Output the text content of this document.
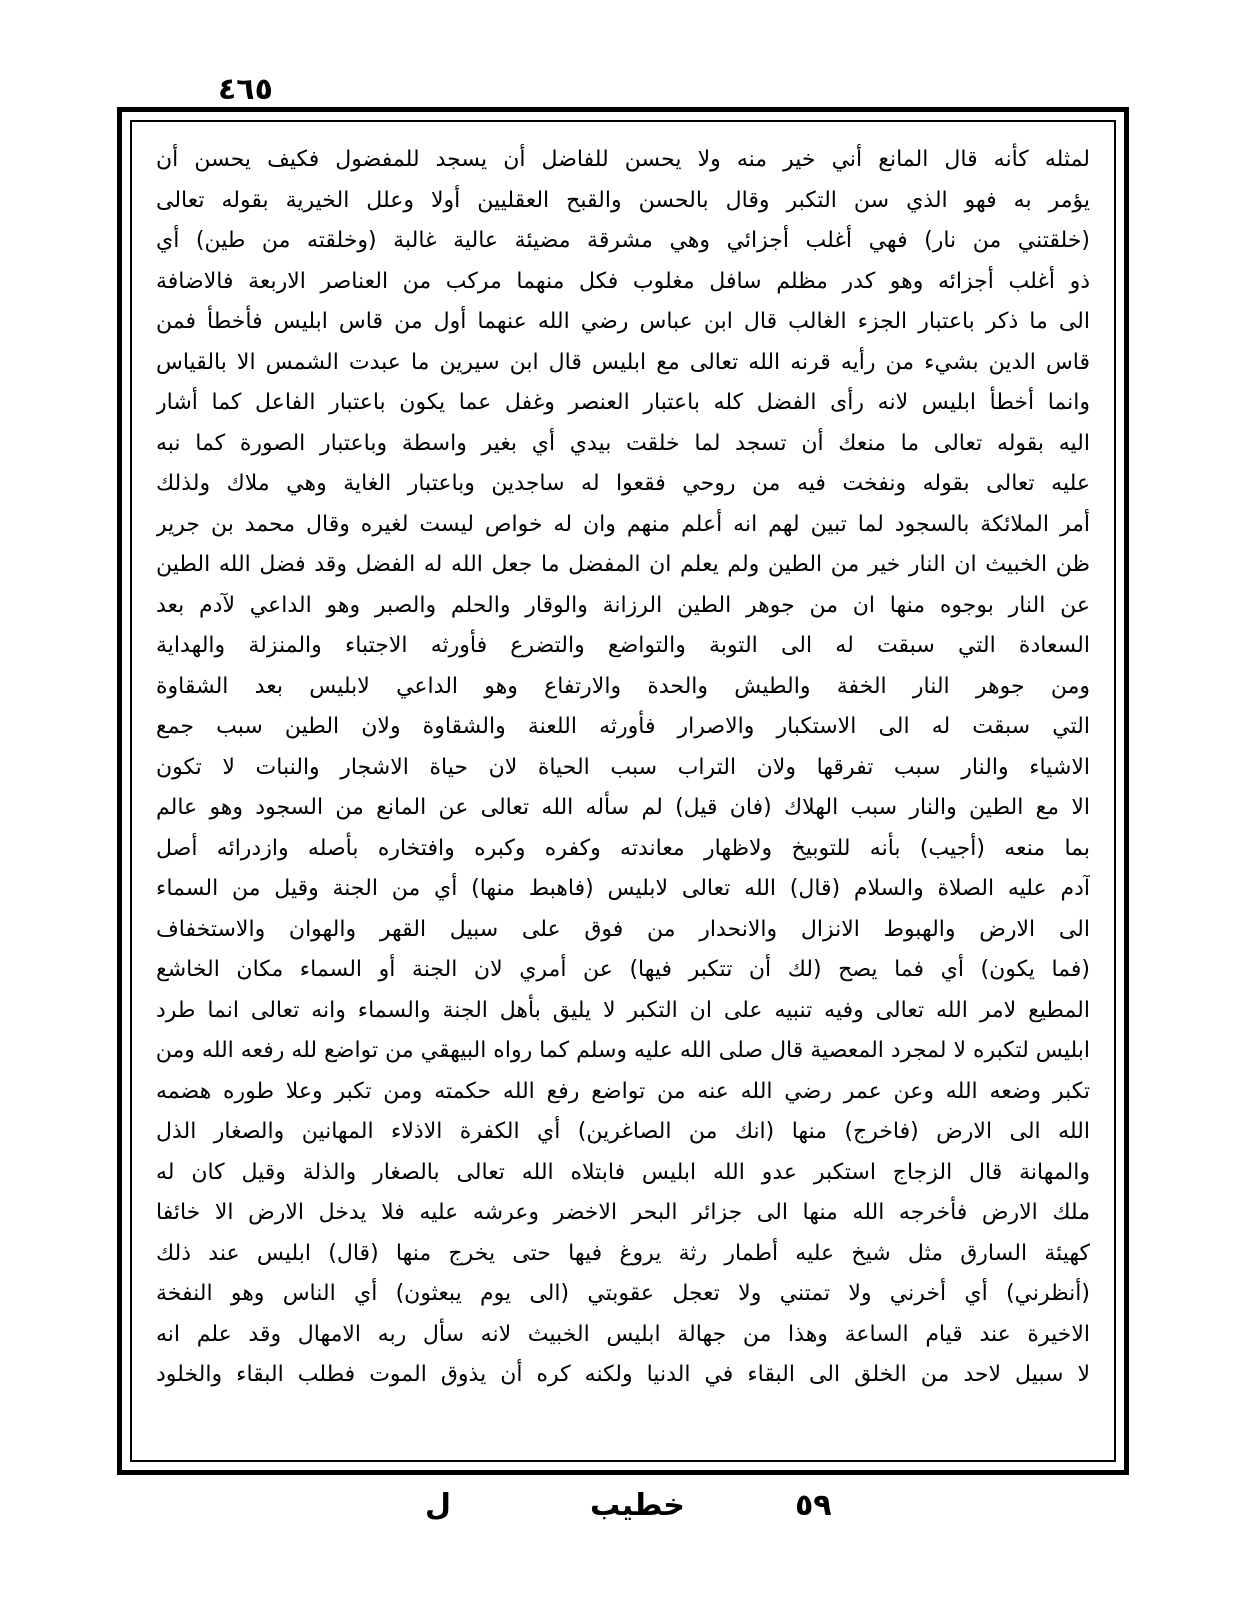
٤٦٥
لمثله كأنه قال المانع أني خير منه ولا يحسن للفاضل أن يسجد للمفضول فكيف يحسن أن
يؤمر به فهو الذي سن التكبر وقال بالحسن والقبح العقليين أولا وعلل الخيرية بقوله تعالى
(خلقتني من نار) فهي أغلب أجزائي وهي مشرقة مضيئة عالية غالبة (وخلقته من طين) أي
ذو أغلب أجزائه وهو كدر مظلم سافل مغلوب فكل منهما مركب من العناصر الاربعة فالاضافة
الى ما ذكر باعتبار الجزء الغالب قال ابن عباس رضي الله عنهما أول من قاس ابليس فأخطأ فمن
قاس الدين بشيء من رأيه قرنه الله تعالى مع ابليس قال ابن سيرين ما عبدت الشمس الا بالقياس
وانما أخطأ ابليس لانه رأى الفضل كله باعتبار العنصر وغفل عما يكون باعتبار الفاعل كما أشار
اليه بقوله تعالى ما منعك أن تسجد لما خلقت بيدي أي بغير واسطة وباعتبار الصورة كما نبه
عليه تعالى بقوله ونفخت فيه من روحي فقعوا له ساجدين وباعتبار الغاية وهي ملاك ولذلك
أمر الملائكة بالسجود لما تبين لهم انه أعلم منهم وان له خواص ليست لغيره وقال محمد بن جرير
ظن الخبيث ان النار خير من الطين ولم يعلم ان المفضل ما جعل الله له الفضل وقد فضل الله الطين
عن النار بوجوه منها ان من جوهر الطين الرزانة والوقار والحلم والصبر وهو الداعي لآدم بعد
السعادة التي سبقت له الى التوبة والتواضع والتضرع فأورثه الاجتباء والمنزلة والهداية
ومن جوهر النار الخفة والطيش والحدة والارتفاع وهو الداعي لابليس بعد الشقاوة
التي سبقت له الى الاستكبار والاصرار فأورثه اللعنة والشقاوة ولان الطين سبب جمع
الاشياء والنار سبب تفرقها ولان التراب سبب الحياة لان حياة الاشجار والنبات لا تكون
الا مع الطين والنار سبب الهلاك (فان قيل) لم سأله الله تعالى عن المانع من السجود وهو عالم
بما منعه (أجيب) بأنه للتوبيخ ولاظهار معاندته وكفره وكبره وافتخاره بأصله وازدرائه أصل
آدم عليه الصلاة والسلام (قال) الله تعالى لابليس (فاهبط منها) أي من الجنة وقيل من السماء
الى الارض والهبوط الانزال والانحدار من فوق على سبيل القهر والهوان والاستخفاف
(فما يكون) أي فما يصح (لك أن تتكبر فيها) عن أمري لان الجنة أو السماء مكان الخاشع
المطيع لامر الله تعالى وفيه تنبيه على ان التكبر لا يليق بأهل الجنة والسماء وانه تعالى انما طرد
ابليس لتكبره لا لمجرد المعصية قال صلى الله عليه وسلم كما رواه البيهقي من تواضع لله رفعه الله ومن
تكبر وضعه الله وعن عمر رضي الله عنه من تواضع رفع الله حكمته ومن تكبر وعلا طوره هضمه
الله الى الارض (فاخرج) منها (انك من الصاغرين) أي الكفرة الاذلاء المهانين والصغار الذل
والمهانة قال الزجاج استكبر عدو الله ابليس فابتلاه الله تعالى بالصغار والذلة وقيل كان له
ملك الارض فأخرجه الله منها الى جزائر البحر الاخضر وعرشه عليه فلا يدخل الارض الا خائفا
كهيئة السارق مثل شيخ عليه أطمار رثة يروغ فيها حتى يخرج منها (قال) ابليس عند ذلك
(أنظرني) أي أخرني ولا تمتني ولا تعجل عقوبتي (الى يوم يبعثون) أي الناس وهو النفخة
الاخيرة عند قيام الساعة وهذا من جهالة ابليس الخبيث لانه سأل ربه الامهال وقد علم انه
لا سبيل لاحد من الخلق الى البقاء في الدنيا ولكنه كره أن يذوق الموت فطلب البقاء والخلود
٥٩
خطيب
ل
